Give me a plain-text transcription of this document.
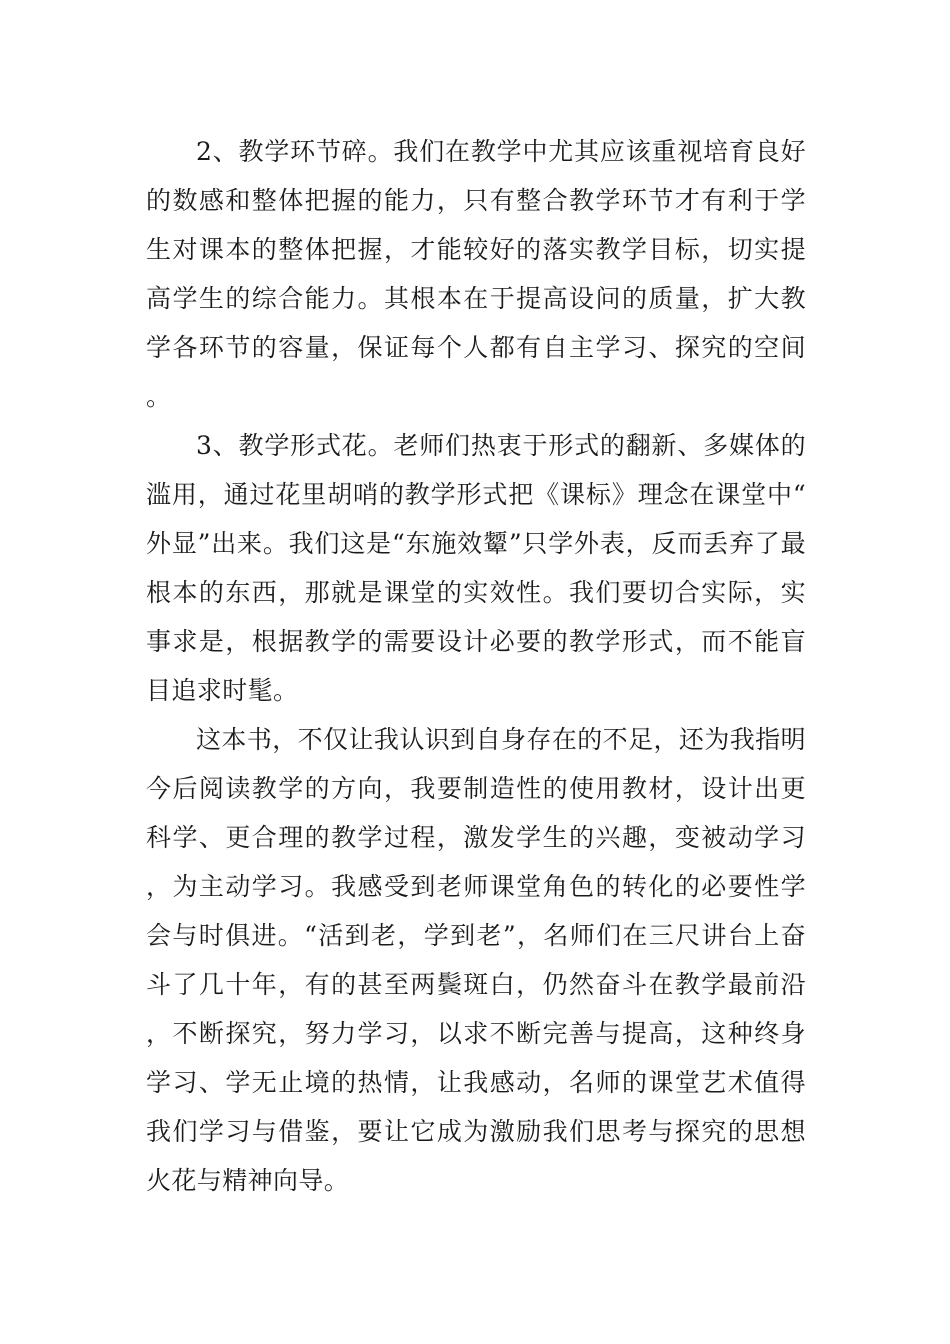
2、教学环节碎。我们在教学中尤其应该重视培育良好的数感和整体把握的能力，只有整合教学环节才有利于学生对课本的整体把握，才能较好的落实教学目标，切实提高学生的综合能力。其根本在于提高设问的质量，扩大教学各环节的容量，保证每个人都有自主学习、探究的空间。

3、教学形式花。老师们热衷于形式的翻新、多媒体的滥用，通过花里胡哨的教学形式把《课标》理念在课堂中“外显”出来。我们这是“东施效颦”只学外表，反而丢弃了最根本的东西，那就是课堂的实效性。我们要切合实际，实事求是，根据教学的需要设计必要的教学形式，而不能盲目追求时髦。

这本书，不仅让我认识到自身存在的不足，还为我指明今后阅读教学的方向，我要制造性的使用教材，设计出更科学、更合理的教学过程，激发学生的兴趣，变被动学习，为主动学习。我感受到老师课堂角色的转化的必要性学会与时俱进。“活到老，学到老”，名师们在三尺讲台上奋斗了几十年，有的甚至两鬓斑白，仍然奋斗在教学最前沿，不断探究，努力学习，以求不断完善与提高，这种终身学习、学无止境的热情，让我感动，名师的课堂艺术值得我们学习与借鉴，要让它成为激励我们思考与探究的思想火花与精神向导。
